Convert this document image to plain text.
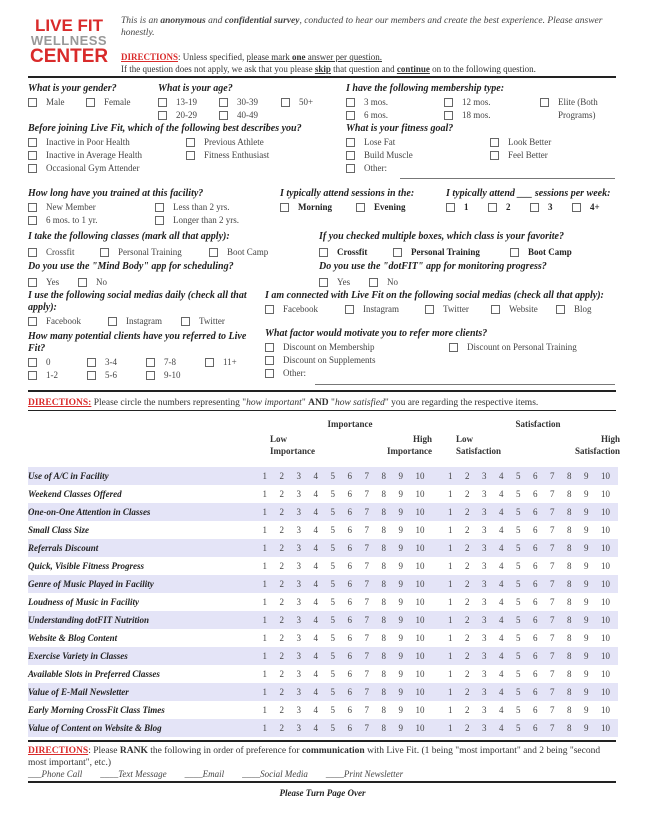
LIVE FIT
WELLNESS
CENTER
This is an anonymous and confidential survey, conducted to hear our members and create the best experience. Please answer honestly.
DIRECTIONS: Unless specified, please mark one answer per question.
If the question does not apply, we ask that you please skip that question and continue on to the following question.
What is your gender?
Male	Female
What is your age?
13-19	30-39	50+
20-29	40-49
I have the following membership type:
3 mos.	12 mos.	Elite (Both
6 mos.	18 mos.	Programs)
Before joining Live Fit, which of the following best describes you?
Inactive in Poor Health	Previous Athlete
Inactive in Average Health	Fitness Enthusiast
Occasional Gym Attender
What is your fitness goal?
Lose Fat	Look Better
Build Muscle	Feel Better
Other:
How long have you trained at this facility?
New Member	Less than 2 yrs.
6 mos. to 1 yr.	Longer than 2 yrs.
I typically attend sessions in the:
Morning	Evening
I typically attend ___ sessions per week:
1	2	3	4+
I take the following classes (mark all that apply):
Crossfit	Personal Training	Boot Camp
If you checked multiple boxes, which class is your favorite?
Crossfit	Personal Training	Boot Camp
Do you use the "Mind Body" app for scheduling?
Yes	No
Do you use the "dotFIT" app for monitoring progress?
Yes	No
I use the following social medias daily (check all that apply):
Facebook	Instagram	Twitter
I am connected with Live Fit on the following social medias (check all that apply):
Facebook	Instagram	Twitter	Website	Blog
How many potential clients have you referred to Live Fit?
0	3-4	7-8	11+
1-2	5-6	9-10
What factor would motivate you to refer more clients?
Discount on Membership	Discount on Personal Training
Discount on Supplements
Other:
DIRECTIONS: Please circle the numbers representing "how important" AND "how satisfied" you are regarding the respective items.
Importance	Satisfaction
Low
Importance
High
Importance
Low
Satisfaction
High
Satisfaction
Use of A/C in Facility	1	2	3	4	5	6	7	8	9	10	1	2	3	4	5	6	7	8	9	10
Weekend Classes Offered	1	2	3	4	5	6	7	8	9	10	1	2	3	4	5	6	7	8	9	10
One-on-One Attention in Classes	1	2	3	4	5	6	7	8	9	10	1	2	3	4	5	6	7	8	9	10
Small Class Size	1	2	3	4	5	6	7	8	9	10	1	2	3	4	5	6	7	8	9	10
Referrals Discount	1	2	3	4	5	6	7	8	9	10	1	2	3	4	5	6	7	8	9	10
Quick, Visible Fitness Progress	1	2	3	4	5	6	7	8	9	10	1	2	3	4	5	6	7	8	9	10
Genre of Music Played in Facility	1	2	3	4	5	6	7	8	9	10	1	2	3	4	5	6	7	8	9	10
Loudness of Music in Facility	1	2	3	4	5	6	7	8	9	10	1	2	3	4	5	6	7	8	9	10
Understanding dotFIT Nutrition	1	2	3	4	5	6	7	8	9	10	1	2	3	4	5	6	7	8	9	10
Website & Blog Content	1	2	3	4	5	6	7	8	9	10	1	2	3	4	5	6	7	8	9	10
Exercise Variety in Classes	1	2	3	4	5	6	7	8	9	10	1	2	3	4	5	6	7	8	9	10
Available Slots in Preferred Classes	1	2	3	4	5	6	7	8	9	10	1	2	3	4	5	6	7	8	9	10
Value of E-Mail Newsletter	1	2	3	4	5	6	7	8	9	10	1	2	3	4	5	6	7	8	9	10
Early Morning CrossFit Class Times	1	2	3	4	5	6	7	8	9	10	1	2	3	4	5	6	7	8	9	10
Value of Content on Website & Blog	1	2	3	4	5	6	7	8	9	10	1	2	3	4	5	6	7	8	9	10
DIRECTIONS: Please RANK the following in order of preference for communication with Live Fit. (1 being "most important" and 2 being "second most important", etc.)
___Phone Call ____Text Message ____Email ____Social Media ____Print Newsletter
Please Turn Page Over
